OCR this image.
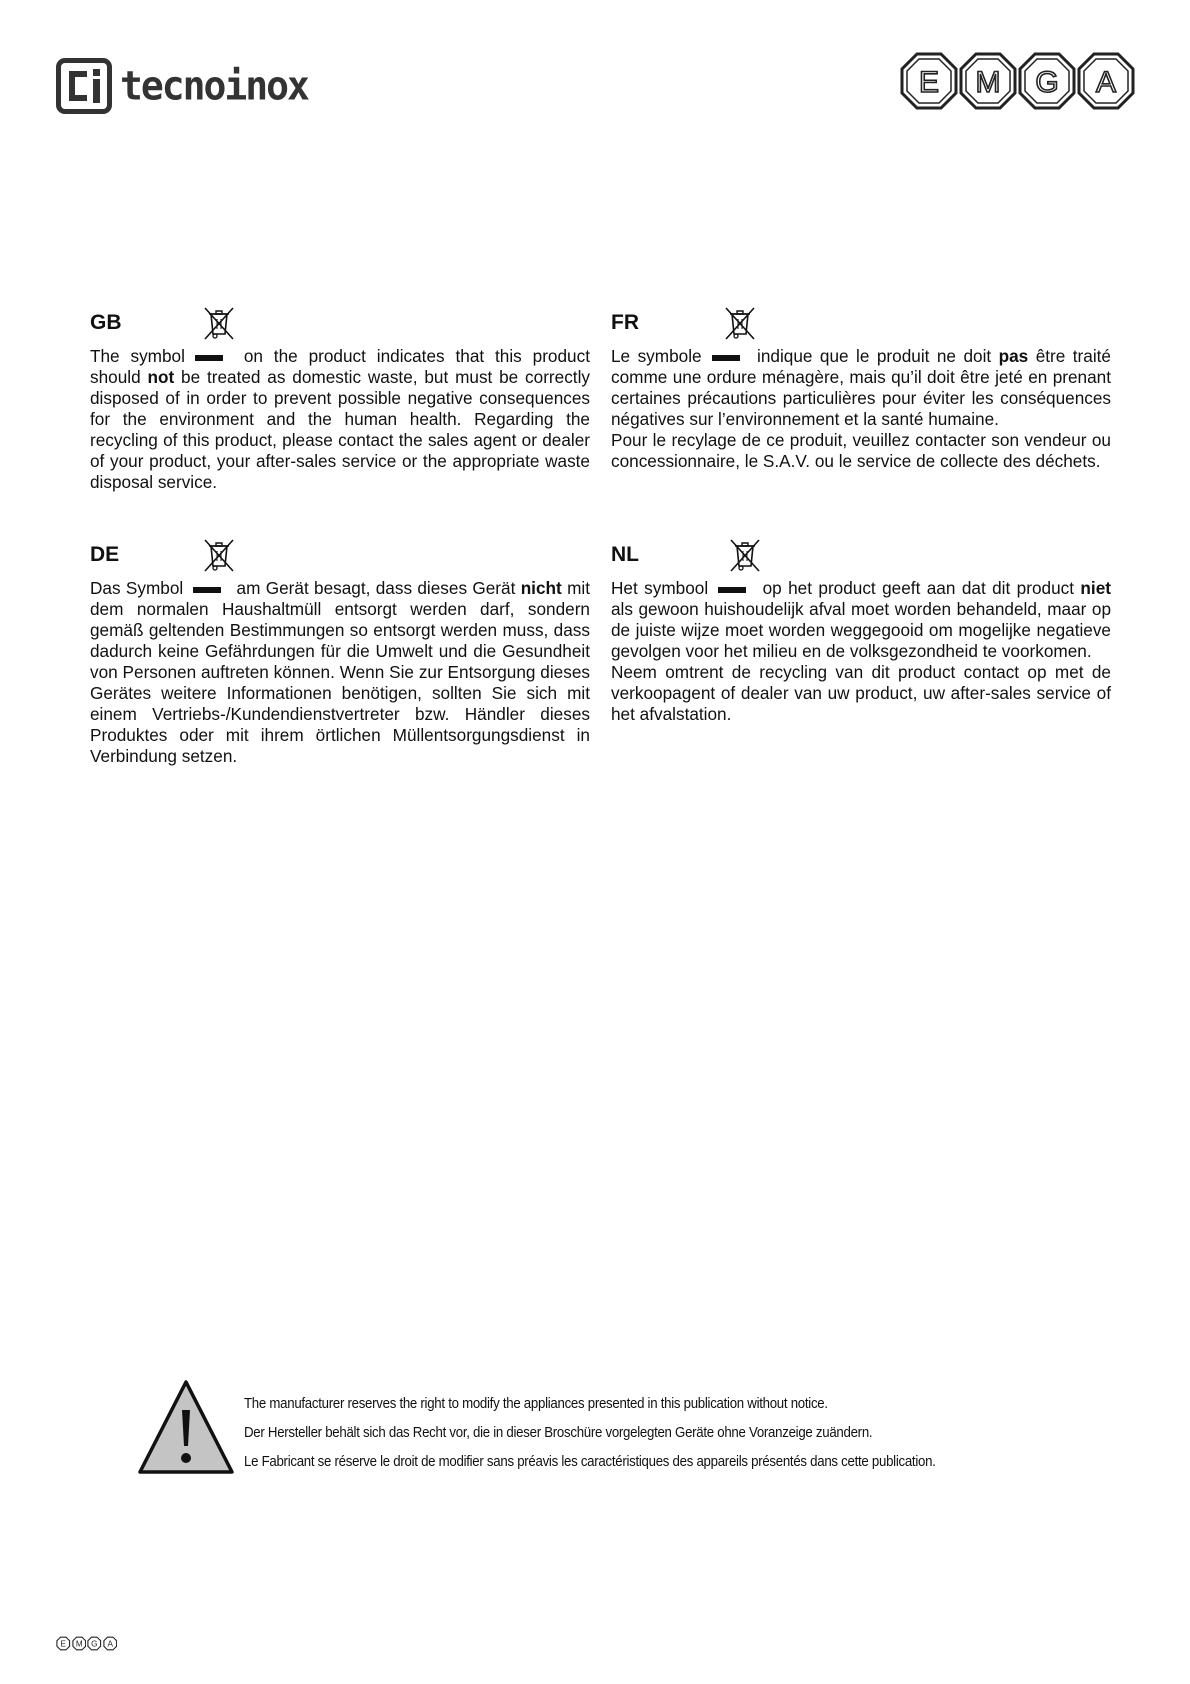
tecnoinox	E M G A
GB

The symbol	on the product indicates that this product should not be treated as domestic waste, but must be correctly disposed of in order to prevent possible negative consequences for the environment and the human health. Regarding the recycling of this product, please contact the sales agent or dealer of your product, your after-sales service or the appropriate waste disposal service.

FR

Le symbole	indique que le produit ne doit pas être traité comme une ordure ménagère, mais qu’il doit être jeté en prenant certaines précautions particulières pour éviter les conséquences négatives sur l’environnement et la santé humaine.

Pour le recylage de ce produit, veuillez contacter son vendeur ou concessionnaire, le S.A.V. ou le service de collecte des déchets.

DE

Das Symbol	am Gerät besagt, dass dieses Gerät nicht mit dem normalen Haushaltmüll entsorgt werden darf, sondern gemäß geltenden Bestimmungen so entsorgt werden muss, dass dadurch keine Gefährdungen für die Umwelt und die Gesundheit von Personen auftreten können. Wenn Sie zur Entsorgung dieses Gerätes weitere Informationen benötigen, sollten Sie sich mit einem Vertriebs-/Kundendienstvertreter bzw. Händler dieses Produktes oder mit ihrem örtlichen Müllentsorgungsdienst in Verbindung setzen.

NL

Het symbool	op het product geeft aan dat dit product niet als gewoon huishoudelijk afval moet worden behandeld, maar op de juiste wijze moet worden weggegooid om mogelijke negatieve gevolgen voor het milieu en de volksgezondheid te voorkomen.

Neem omtrent de recycling van dit product contact op met de verkoopagent of dealer van uw product, uw after-sales service of het afvalstation.

The manufacturer reserves the right to modify the appliances presented in this publication without notice.
Der Hersteller behält sich das Recht vor, die in dieser Broschüre vorgelegten Geräte ohne Voranzeige zuändern.
Le Fabricant se réserve le droit de modifier sans préavis les caractéristiques des appareils présentés dans cette publication.
E M G A
